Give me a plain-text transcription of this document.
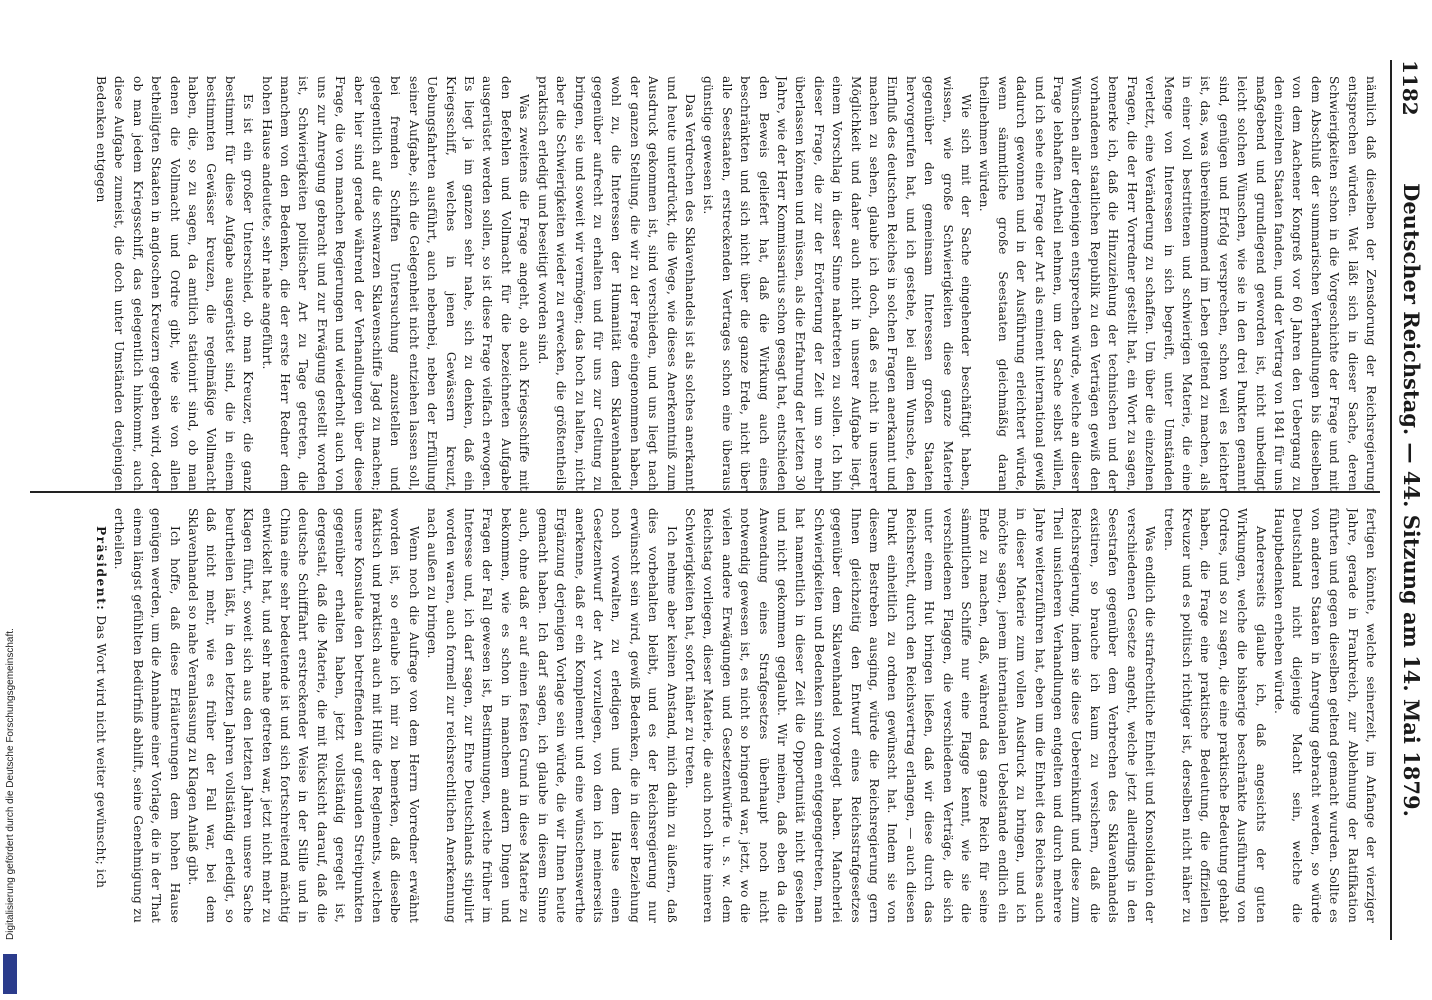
Digitalisierung gefördert durch die Deutsche Forschungsgemeinschaft.
DFG
1182
Deutscher Reichstag. — 44. Sitzung am 14. Mai 1879.

nämlich daß dieselben der Zensdorung der Reichsregierung entsprechen würden. Wat läßt sich in dieser Sache, deren Schwierigkeiten schon in die Vorgeschichte der Frage und mit dem Abschluß der summarischen Verhandlungen bis dieselben von dem Aachener Kongreß vor 60 Jahren den Uebergang zu den einzelnen Staaten fanden, und der Vertrag von 1841 für uns maßgebend und grundlegend geworden ist, nicht unbedingt leicht solchen Wünschen, wie sie in den drei Punkten genannt sind, genügen und Erfolg versprechen, schon weil es leichter ist, das, was übereinkommend im Leben geltend zu machen, als in einer voll bestrittenen und schwierigen Materie, die eine Menge von Interessen in sich begreift, unter Umständen verletzt, eine Veränderung zu schaffen. Um über die einzelnen Fragen, die der Herr Vorredner gestellt hat, ein Wort zu sagen, bemerke ich, daß die Hinzuziehung der technischen und der vorhandenen staatlichen Republik zu den Verträgen gewiß den Wünschen aller derjenigen entsprechen würde, welche an dieser Frage lebhaften Antheil nehmen, um der Sache selbst willen, und ich sehe eine Frage der Art als eminent international gewiß dadurch gewonnen und in der Ausführung erleichtert würde, wenn sämmtliche große Seestaaten gleichmäßig daran theilnehmen würden.

Wie sich mit der Sache eingehender beschäftigt haben, wissen, wie große Schwierigkeiten diese ganze Materie gegenüber den gemeinsam Interessen großen Staaten hervorgerufen hat, und ich gestehe, bei allem Wunsche, den Einfluß des deutschen Reiches in solchen Fragen anerkannt und machen zu sehen, glaube ich doch, daß es nicht in unserer Möglichkeit und daher auch nicht in unserer Aufgabe liegt, einem Vorschlag in dieser Sinne nahetreten zu sollen. Ich bin dieser Frage, die zur der Erörterung der Zeit um so mehr überlassen können und müssen, als die Erfahrung der letzten 30 Jahre, wie der Herr Kommissarius schon gesagt hat, entschieden den Beweis geliefert hat, daß die Wirkung auch eines beschränkten und sich nicht über die ganze Erde, nicht über alle Seestaaten, erstreckenden Vertrages schon eine überaus günstige gewesen ist.

Das Verdrechen des Sklavenhandels ist als solches anerkannt und heute unterdrückt, die Wege, wie dieses Anerkenntniß zum Ausdruck gekommen ist, sind verschieden, und uns liegt nach der ganzen Stellung, die wir zu der Frage eingenommen haben, wohl zu, die Interessen der Humanität dem Sklavenhandel gegenüber aufrecht zu erhalten und für uns zur Geltung zu bringen, sie und soweit wir vermögen; das hoch zu halten, nicht aber die Schwierigkeiten wieder zu erwecken, die größtentheils praktisch erledigt und beseitigt worden sind.

Was zweitens die Frage angeht, ob auch Kriegsschiffe mit den Befehlen und Vollmacht für die bezeichneten Aufgabe ausgerüstet werden sollen, so ist diese Frage vielfach erwogen. Es liegt ja im ganzen sehr nahe, sich zu denken, daß ein Kriegsschiff, welches in jenen Gewässern kreuzt, Uebungsfahrten ausführt, auch nebenbei, neben der Erfüllung seiner Aufgabe, sich die Gelegenheit nicht entziehen lassen soll, bei fremden Schiffen Untersuchung anzustellen und gelegentlich auf die schwarzen Sklavenschiffe Jagd zu machen; aber hier sind gerade während der Verhandlungen über diese Frage, die von manchen Regierungen und wiederholt auch von uns zur Anregung gebracht und zur Erwägung gestellt worden ist, Schwierigkeiten politischer Art zu Tage getreten, die manchem von den Bedenken, die der erste Herr Redner dem hohen Hause andeutete, sehr nahe angeführt.

Es ist ein großer Unterschied, ob man Kreuzer, die ganz bestimmt für diese Aufgabe ausgerüstet sind, die in einem bestimmten Gewässer kreuzen, die regelmäßige Vollmacht haben, die, so zu sagen, da amtlich stationirt sind, ob man denen die Vollmacht und Ordre gibt, wie sie von allen betheiligten Staaten in angloschen Kreuzern gegeben wird, oder ob man jedem Kriegsschiff, das gelegentlich hinkommt, auch diese Aufgabe zumeist, die doch unter Umständen denjenigen Bedenken entgegen

fertigen könnte, welche seinerzeit, im Anfange der vierziger Jahre, gerade in Frankreich, zur Ablehnung der Ratifikation führten und gegen dieselben geltend gemacht wurden. Sollte es von anderen Staaten in Anregung gebracht werden, so würde Deutschland nicht diejenige Macht sein, welche die Hauptbedenken erheben würde.

Andererseits glaube ich, daß angesichts der guten Wirkungen, welche die bisherige beschränkte Ausführung von Ordres, und so zu sagen, die eine praktische Bedeutung gehabt haben, die Frage eine praktische Bedeutung, die offiziellen Kreuzer und es politisch richtiger ist, derselben nicht näher zu treten.

Was endlich die strafrechtliche Einheit und Konsolidation der verschiedenen Gesetze angeht, welche jetzt allerdings in den Seestrafen gegenüber dem Verbrechen des Sklavenhandels existiren, so brauche ich kaum zu versichern, daß die Reichsregierung, indem sie diese Uebereinkunft und diese zum Theil unsicheren Verhandlungen entgelten und durch mehrere Jahre weiterzuführen hat, eben um die Einheit des Reiches auch in dieser Materie zum vollen Ausdruck zu bringen, und ich möchte sagen, jenem internationalen Uebelstande endlich ein Ende zu machen, daß, während das ganze Reich für seine sämmtlichen Schiffe nur eine Flagge kennt, wie sie die verschiedenen Flaggen, die verschiedenen Verträge, die sich unter einem Hut bringen ließen, daß wir diese durch das Reichsrecht, durch den Reichsvertrag erlangen, — auch diesen Punkt einheitlich zu ordnen gewünscht hat. Indem sie von diesem Bestreben ausging, würde die Reichsregierung gern Ihnen gleichzeitig den Entwurf eines Reichsstrafgesetzes gegenüber dem Sklavenhandel vorgelegt haben. Mancherlei Schwierigkeiten und Bedenken sind dem entgegengetreten, man hat namentlich in dieser Zeit die Opportunität nicht gesehen und nicht gekommen geglaubt. Wir meinen, daß eben da die Anwendung eines Strafgesetzes überhaupt noch nicht notwendig gewesen ist, es nicht so bringend war, jetzt, wo die vielen andere Erwägungen und Gesetzentwürfe u. s. w. dem Reichstag vorliegen, dieser Materie, die auch noch ihre inneren Schwierigkeiten hat, sofort näher zu treten.

Ich nehme aber keinen Anstand, mich dahin zu äußern, daß dies vorbehalten bleibt, und es der Reichsregierung nur erwünscht sein wird, gewiß Bedenken, die in dieser Beziehung noch vorwalten, zu erledigen und dem Hause einen Gesetzentwurf der Art vorzulegen, von dem ich meinerseits anerkenne, daß er ein Komplement und eine wünschenswerthe Ergänzung derjenigen Vorlage sein würde, die wir Ihnen heute gemacht haben. Ich darf sagen, ich glaube in diesem Sinne auch, ohne daß er auf einen festen Grund in diese Materie zu bekommen, wie es schon in manchem andern Dingen und Fragen der Fall gewesen ist, Bestimmungen, welche früher im Interesse und, ich darf sagen, zur Ehre Deutschlands stipulirt worden waren, auch formell zur reichsrechtlichen Anerkennung nach außen zu bringen.

Wenn noch die Aufrage von dem Herrn Vorredner erwähnt worden ist, so erlaube ich mir zu bemerken, daß dieselbe faktisch und praktisch auch mit Hülfe der Reglements, welchen unsere Konsulate den betreffenden auf gesunden Streitpunkten gegenüber erhalten haben, jetzt vollständig geregelt ist, dergestalt, daß die Materie, die mit Rücksicht darauf, daß die deutsche Schifffahrt erstreckender Weise in der Stille und in China eine sehr bedeutende ist und sich fortschreitend mächtig entwickelt hat, und sehr nahe getreten war, jetzt nicht mehr zu Klagen führt, soweit sich aus den letzten Jahren unsere Sache beurtheilen läßt, in den letzten Jahren vollständig erledigt, so daß nicht mehr, wie es früher der Fall war, bei dem Sklavenhandel so nahe Veranlassung zu Klagen Anlaß gibt.

Ich hoffe, daß diese Erläuterungen dem hohen Hause genügen werden, um die Annahme einer Vorlage, die in der That einem längst gefühlten Bedürfniß abhilft, seine Genehmigung zu ertheilen.

Präsident: Das Wort wird nicht weiter gewünscht; ich
